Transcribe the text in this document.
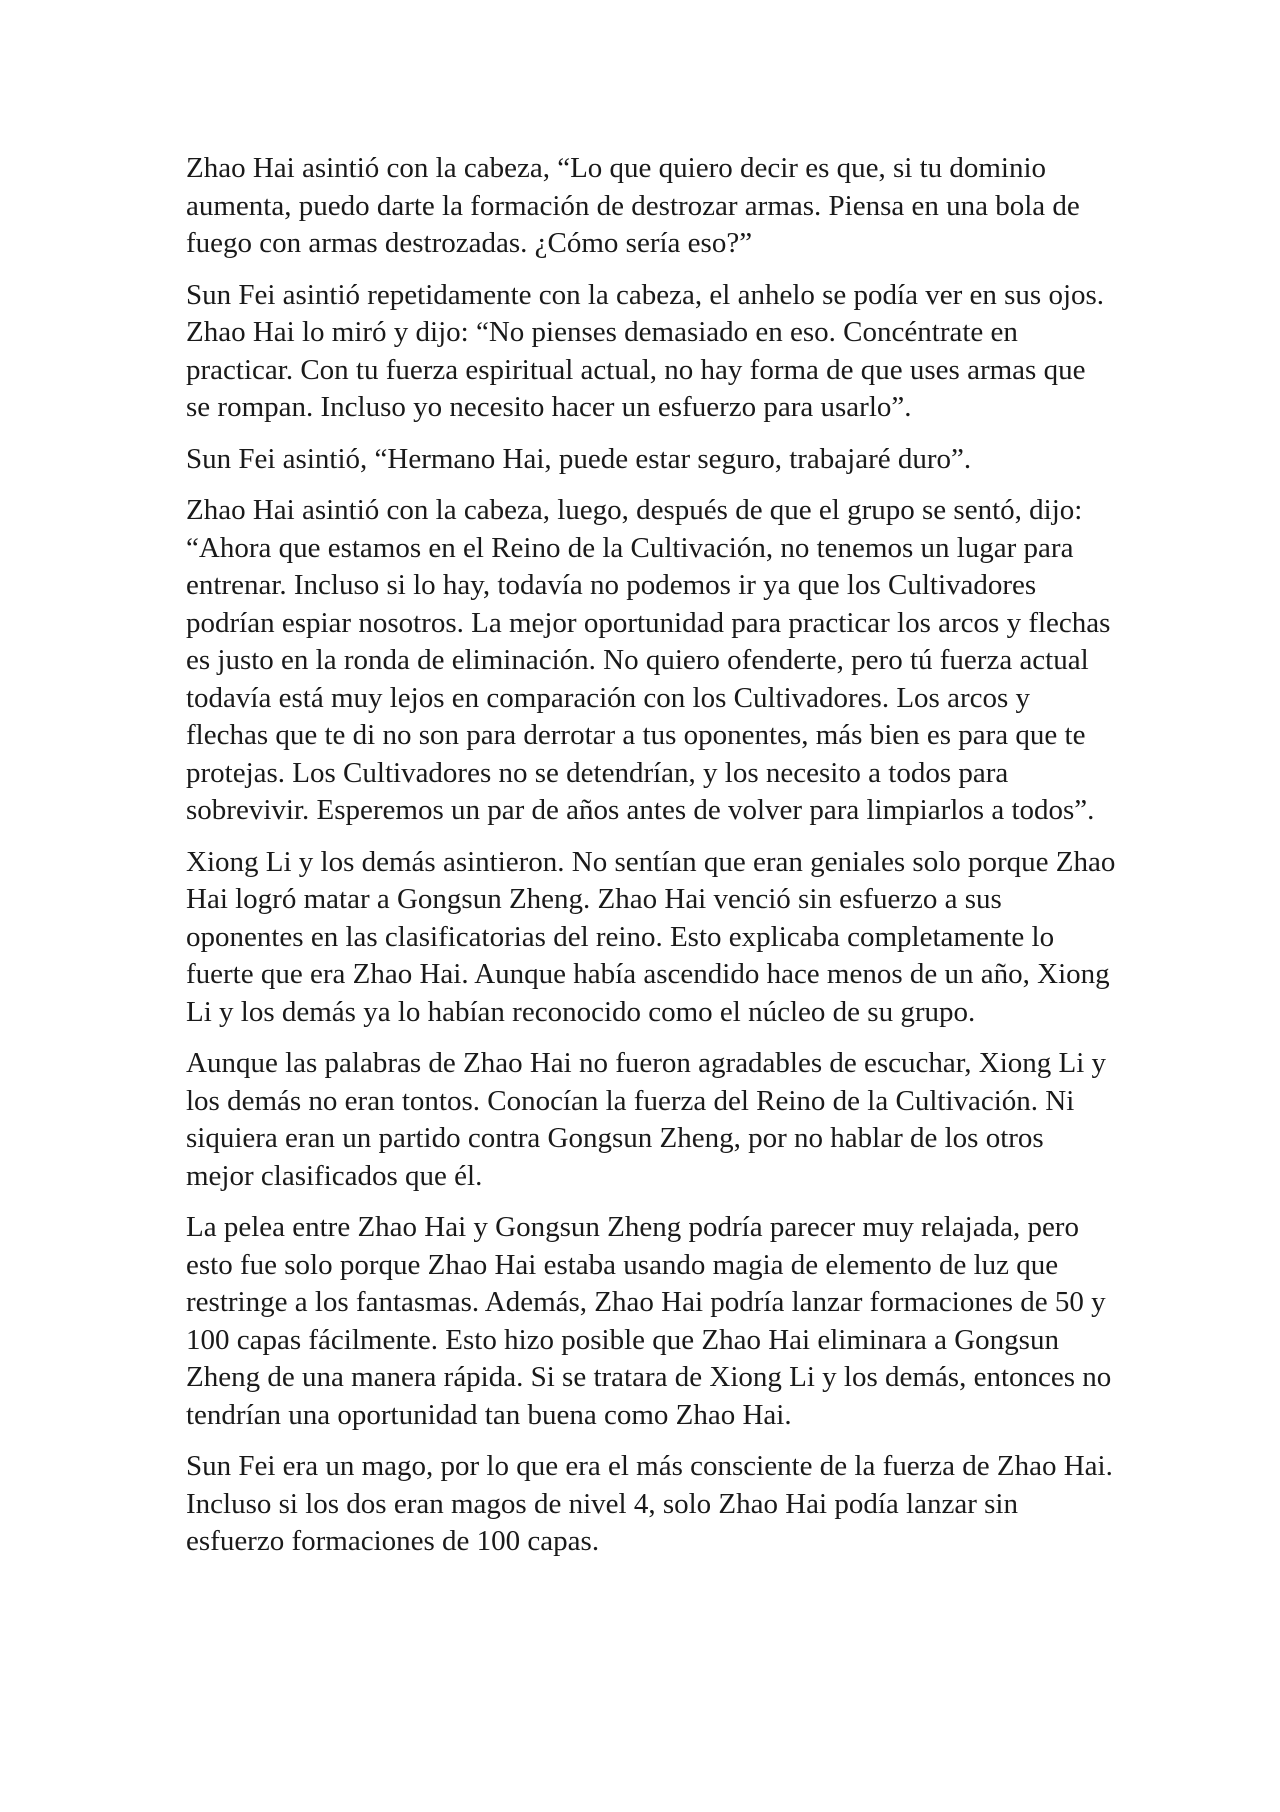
Zhao Hai asintió con la cabeza, “Lo que quiero decir es que, si tu dominio aumenta, puedo darte la formación de destrozar armas. Piensa en una bola de fuego con armas destrozadas. ¿Cómo sería eso?”

Sun Fei asintió repetidamente con la cabeza, el anhelo se podía ver en sus ojos. Zhao Hai lo miró y dijo: “No pienses demasiado en eso. Concéntrate en practicar. Con tu fuerza espiritual actual, no hay forma de que uses armas que se rompan. Incluso yo necesito hacer un esfuerzo para usarlo”.

Sun Fei asintió, “Hermano Hai, puede estar seguro, trabajaré duro”.

Zhao Hai asintió con la cabeza, luego, después de que el grupo se sentó, dijo: “Ahora que estamos en el Reino de la Cultivación, no tenemos un lugar para entrenar. Incluso si lo hay, todavía no podemos ir ya que los Cultivadores podrían espiar nosotros. La mejor oportunidad para practicar los arcos y flechas es justo en la ronda de eliminación. No quiero ofenderte, pero tú fuerza actual todavía está muy lejos en comparación con los Cultivadores. Los arcos y flechas que te di no son para derrotar a tus oponentes, más bien es para que te protejas. Los Cultivadores no se detendrían, y los necesito a todos para sobrevivir. Esperemos un par de años antes de volver para limpiarlos a todos”.

Xiong Li y los demás asintieron. No sentían que eran geniales solo porque Zhao Hai logró matar a Gongsun Zheng. Zhao Hai venció sin esfuerzo a sus oponentes en las clasificatorias del reino. Esto explicaba completamente lo fuerte que era Zhao Hai. Aunque había ascendido hace menos de un año, Xiong Li y los demás ya lo habían reconocido como el núcleo de su grupo.

Aunque las palabras de Zhao Hai no fueron agradables de escuchar, Xiong Li y los demás no eran tontos. Conocían la fuerza del Reino de la Cultivación. Ni siquiera eran un partido contra Gongsun Zheng, por no hablar de los otros mejor clasificados que él.

La pelea entre Zhao Hai y Gongsun Zheng podría parecer muy relajada, pero esto fue solo porque Zhao Hai estaba usando magia de elemento de luz que restringe a los fantasmas. Además, Zhao Hai podría lanzar formaciones de 50 y 100 capas fácilmente. Esto hizo posible que Zhao Hai eliminara a Gongsun Zheng de una manera rápida. Si se tratara de Xiong Li y los demás, entonces no tendrían una oportunidad tan buena como Zhao Hai.

Sun Fei era un mago, por lo que era el más consciente de la fuerza de Zhao Hai. Incluso si los dos eran magos de nivel 4, solo Zhao Hai podía lanzar sin esfuerzo formaciones de 100 capas.
